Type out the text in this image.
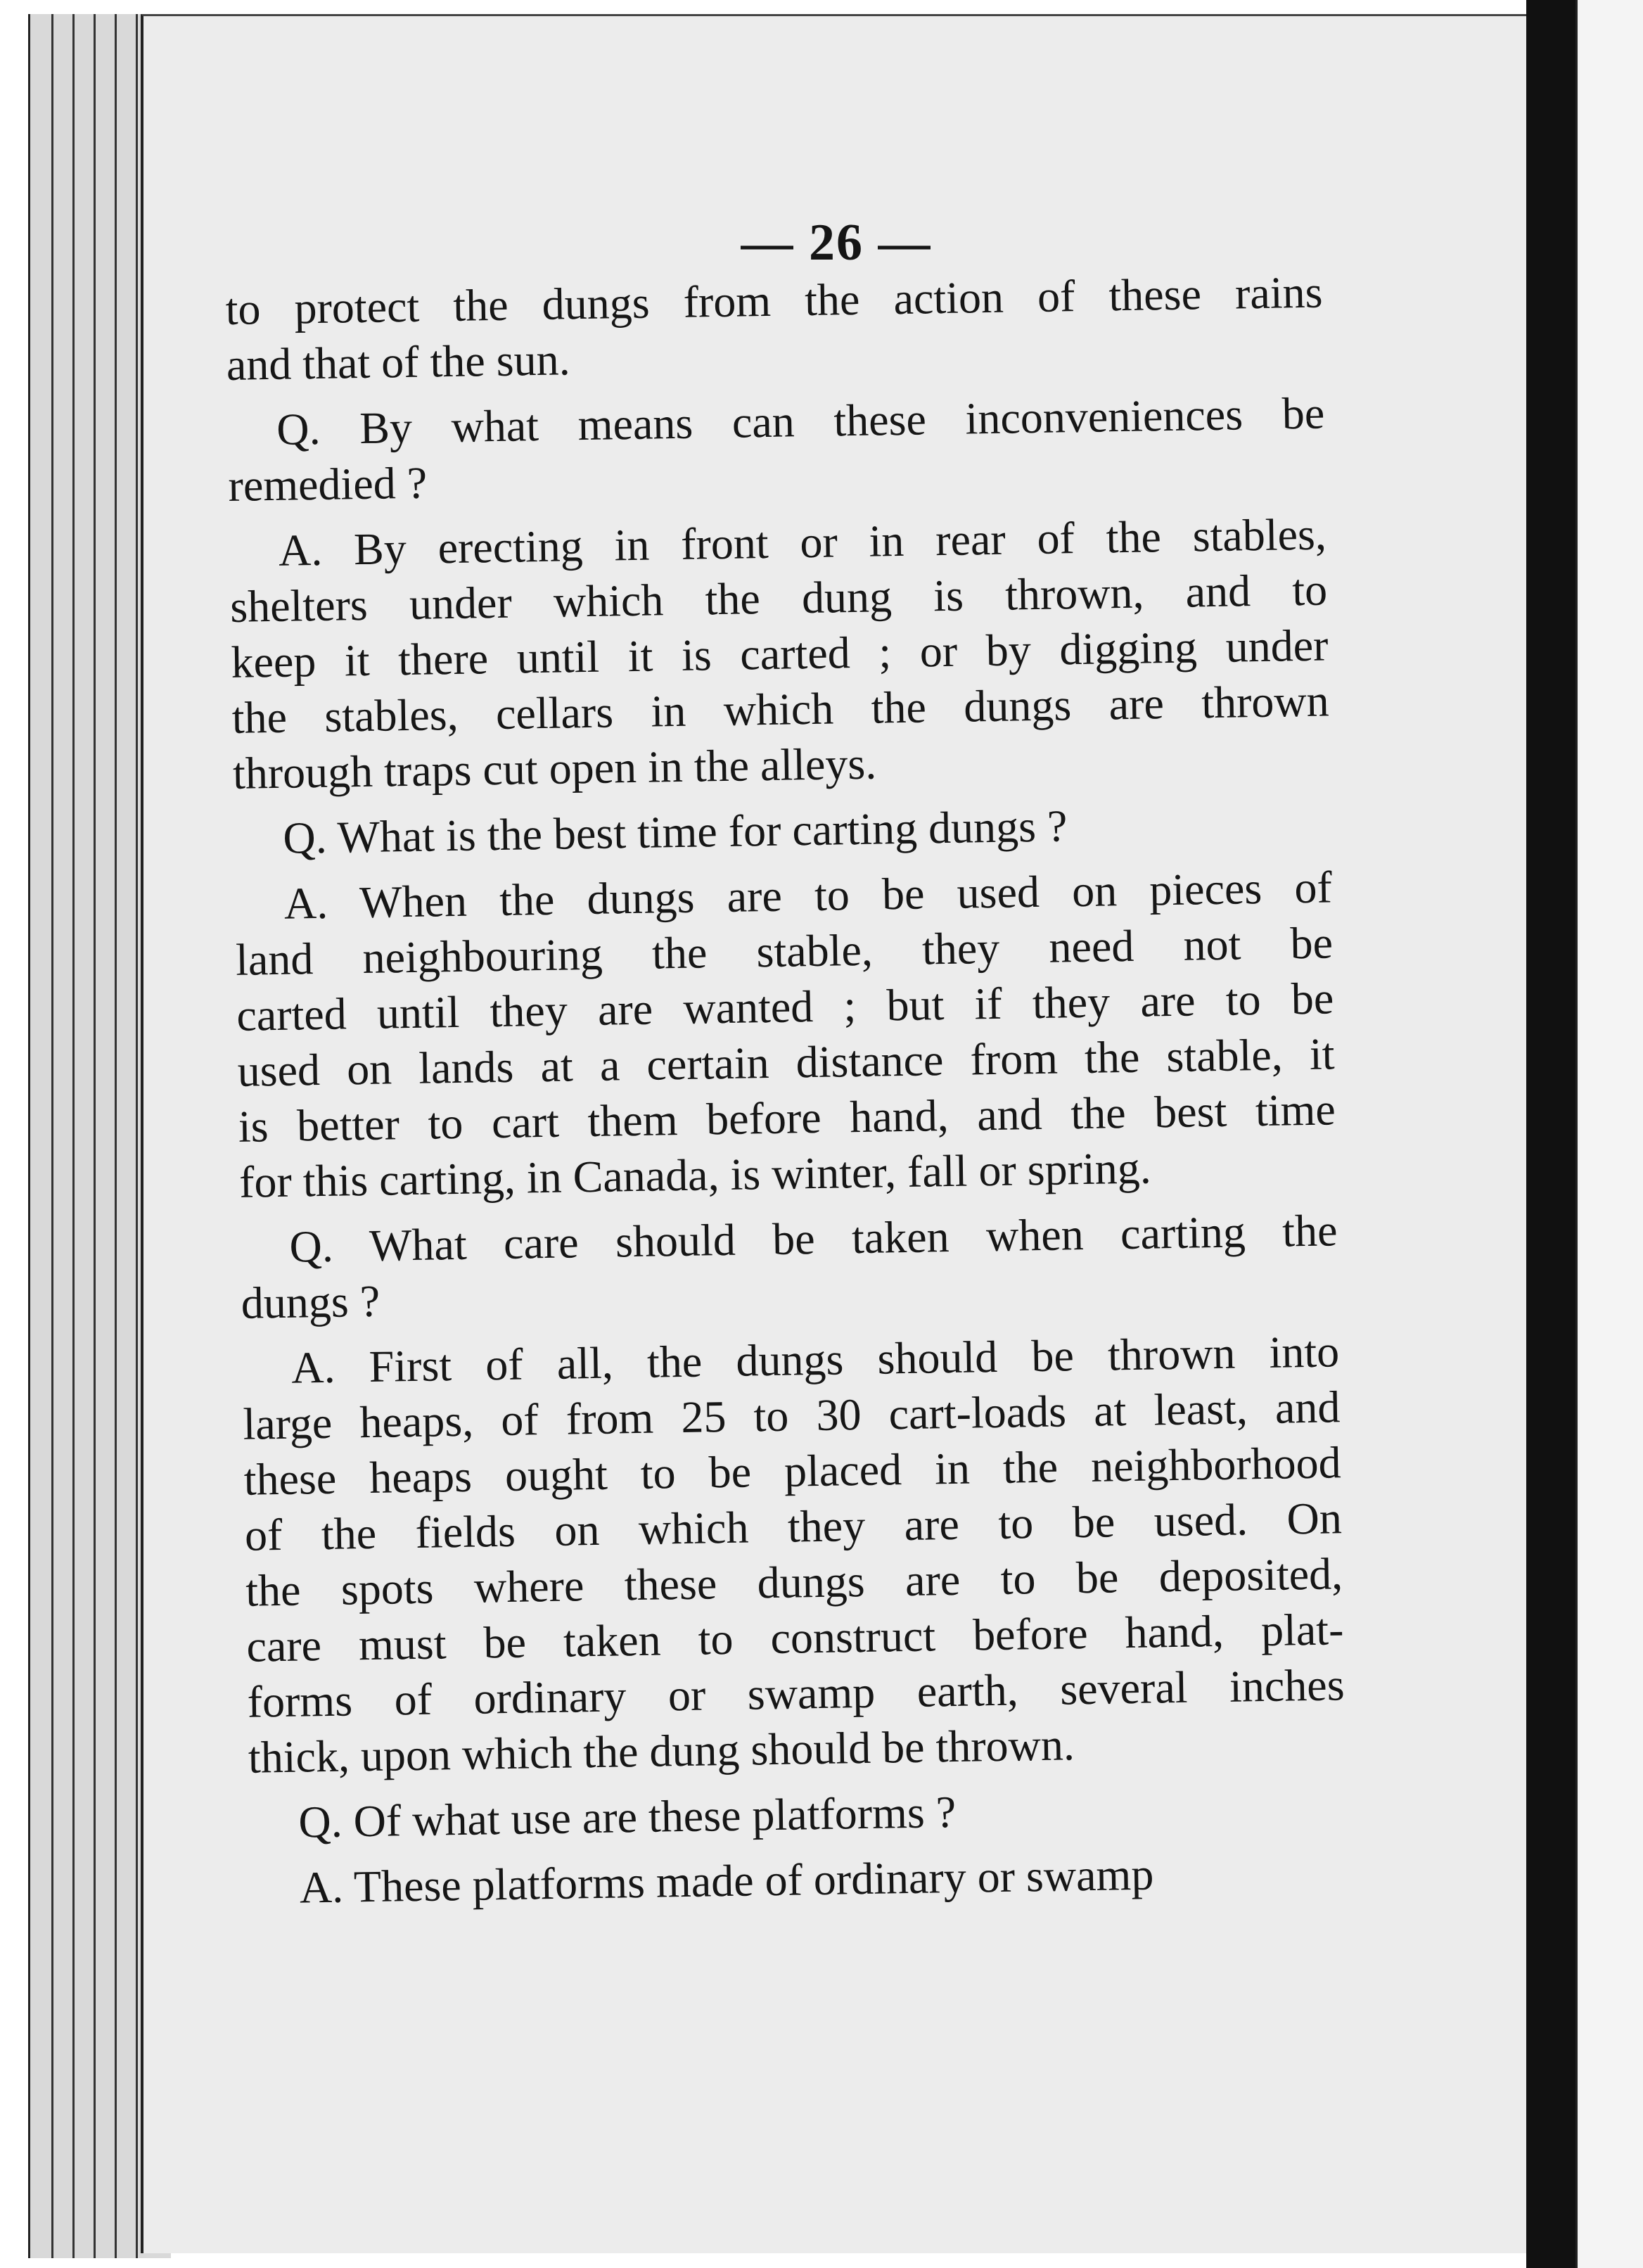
— 26 —
to protect the dungs from the action of these rains
and that of the sun.
Q. By what means can these inconveniences be
remedied ?
A. By erecting in front or in rear of the stables,
shelters under which the dung is thrown, and to
keep it there until it is carted ; or by digging under
the stables, cellars in which the dungs are thrown
through traps cut open in the alleys.
Q. What is the best time for carting dungs ?
A. When the dungs are to be used on pieces of
land neighbouring the stable, they need not be
carted until they are wanted ; but if they are to be
used on lands at a certain distance from the stable, it
is better to cart them before hand, and the best time
for this carting, in Canada, is winter, fall or spring.
Q. What care should be taken when carting the
dungs ?
A. First of all, the dungs should be thrown into
large heaps, of from 25 to 30 cart-loads at least, and
these heaps ought to be placed in the neighborhood
of the fields on which they are to be used. On
the spots where these dungs are to be deposited,
care must be taken to construct before hand, plat-
forms of ordinary or swamp earth, several inches
thick, upon which the dung should be thrown.
Q. Of what use are these platforms ?
A. These platforms made of ordinary or swamp
